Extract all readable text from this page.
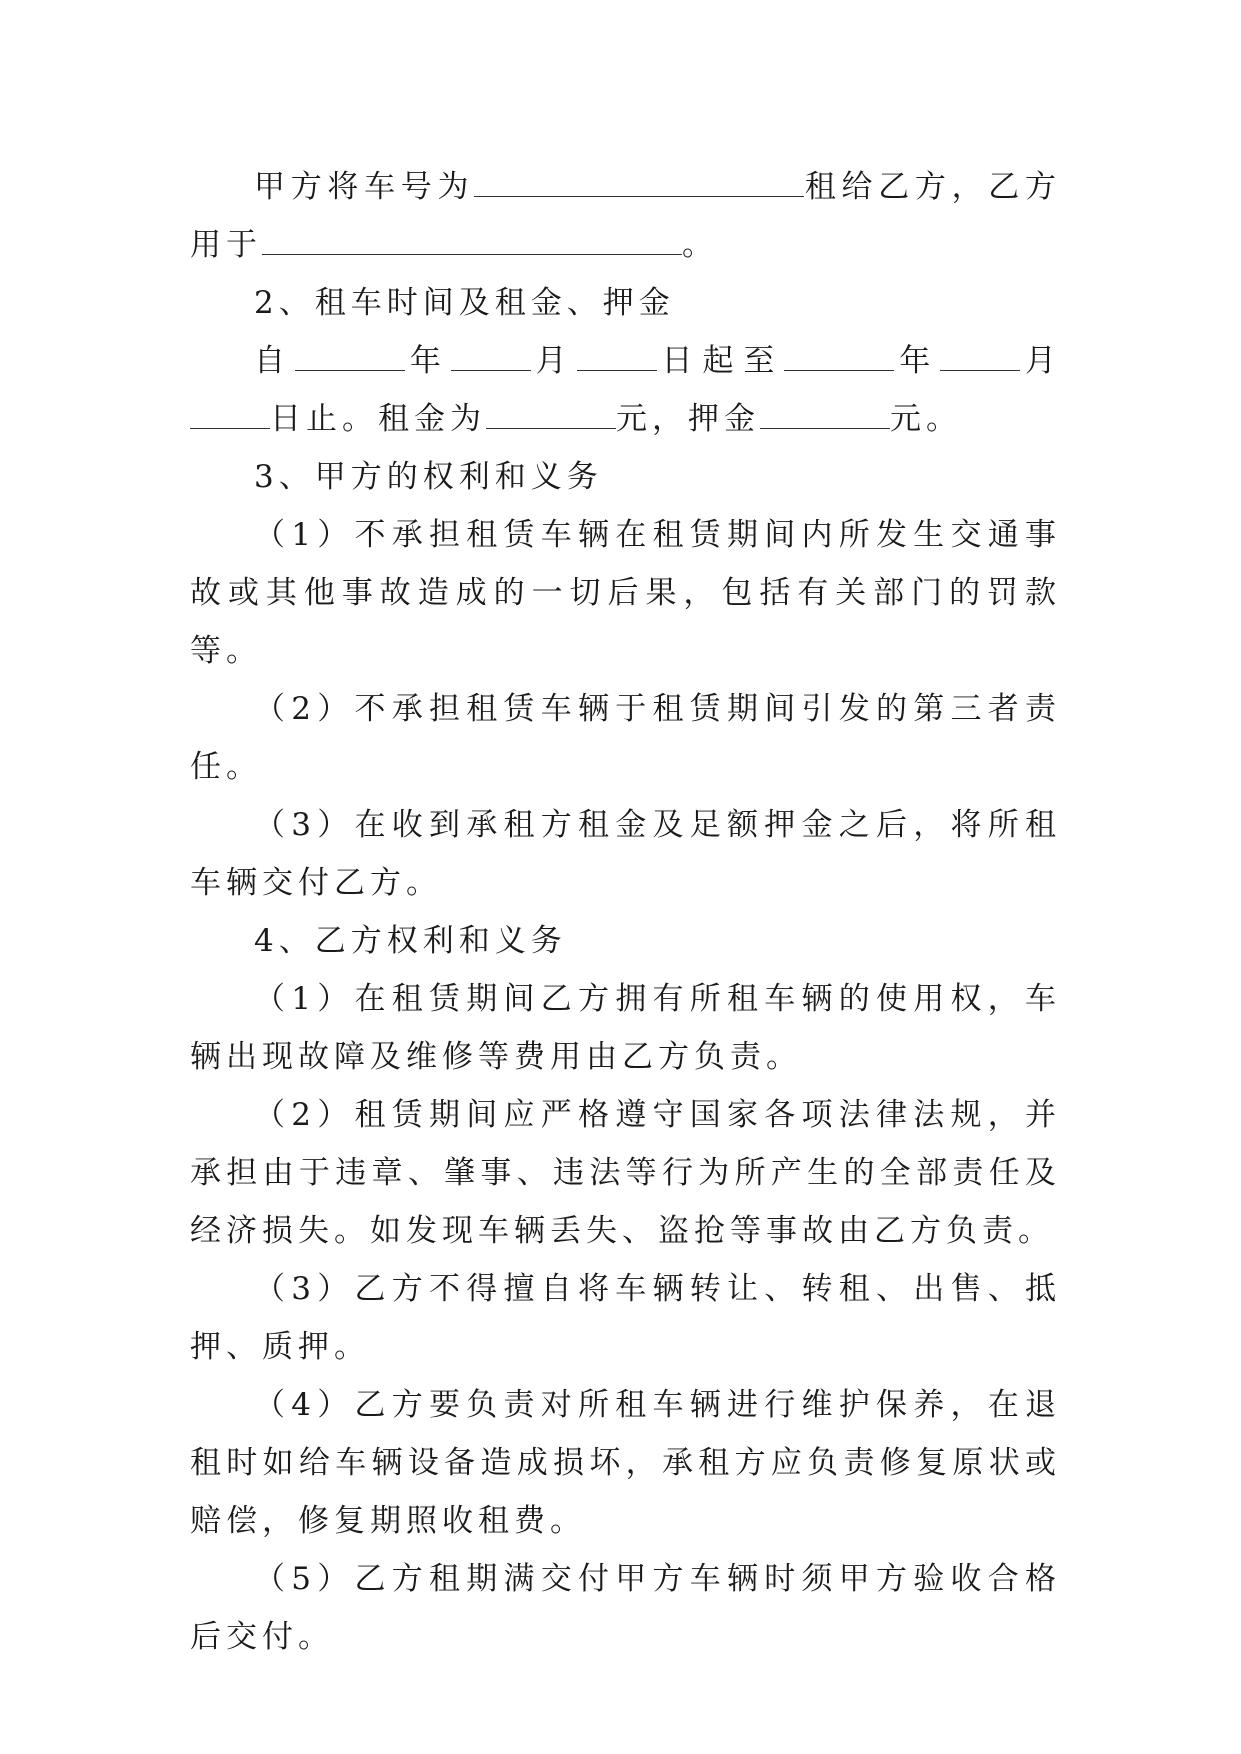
甲方将车号为	租给乙方，乙方用于	。

2、租车时间及租金、押金

自	年	月	日起至	年	月日止。租金为	元，押金	元。

3、甲方的权利和义务

（1）不承担租赁车辆在租赁期间内所发生交通事故或其他事故造成的一切后果，包括有关部门的罚款等。

（2）不承担租赁车辆于租赁期间引发的第三者责任。

（3）在收到承租方租金及足额押金之后，将所租车辆交付乙方。

4、乙方权利和义务

（1）在租赁期间乙方拥有所租车辆的使用权，车辆出现故障及维修等费用由乙方负责。

（2）租赁期间应严格遵守国家各项法律法规，并承担由于违章、肇事、违法等行为所产生的全部责任及经济损失。如发现车辆丢失、盗抢等事故由乙方负责。

（3）乙方不得擅自将车辆转让、转租、出售、抵押、质押。

（4）乙方要负责对所租车辆进行维护保养，在退租时如给车辆设备造成损坏，承租方应负责修复原状或赔偿，修复期照收租费。

（5）乙方租期满交付甲方车辆时须甲方验收合格后交付。
